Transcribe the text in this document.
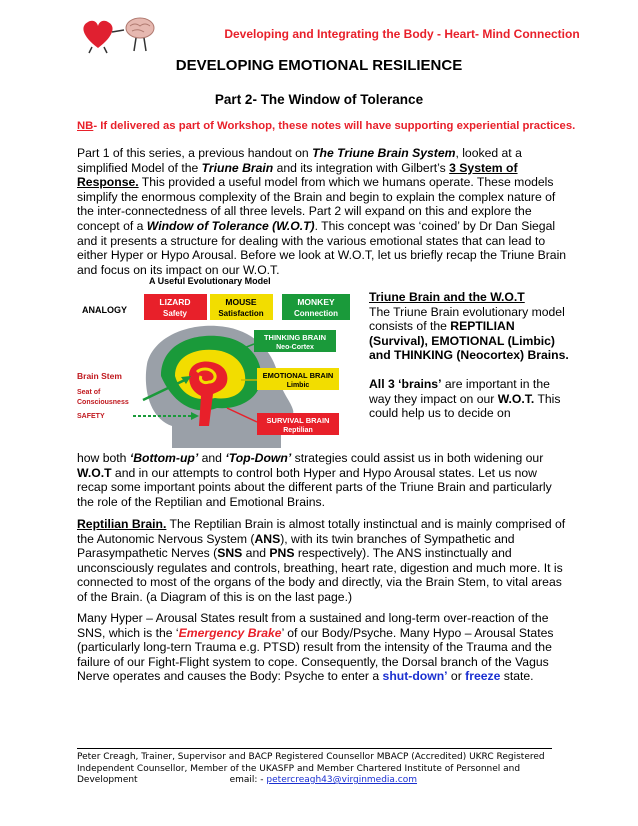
Developing and Integrating the Body - Heart- Mind Connection
DEVELOPING EMOTIONAL RESILIENCE
Part 2- The Window of Tolerance
NB- If delivered as part of Workshop, these notes will have supporting experiential practices.

Part 1 of this series, a previous handout on The Triune Brain System, looked at a simplified Model of the Triune Brain and its integration with Gilbert’s 3 System of Response. This provided a useful model from which we humans operate. These models simplify the enormous complexity of the Brain and begin to explain the complex nature of the inter-connectedness of all three levels. Part 2 will expand on this and explore the concept of a Window of Tolerance (W.O.T). This concept was ‘coined’ by Dr Dan Siegal and it presents a structure for dealing with the various emotional states that can lead to either Hyper or Hypo Arousal. Before we look at W.O.T, let us briefly recap the Triune Brain and focus on its impact on our W.O.T.

A Useful Evolutionary Model
ANALOGY
LIZARD
Safety
MOUSE
Satisfaction
MONKEY
Connection
THINKING BRAIN
Neo-Cortex
EMOTIONAL BRAIN
Limbic
SURVIVAL BRAIN
Reptilian
Brain Stem
Seat of
Consciousness
SAFETY

Triune Brain and the W.O.T
The Triune Brain evolutionary model consists of the REPTILIAN (Survival), EMOTIONAL (Limbic) and THINKING (Neocortex) Brains.

All 3 ‘brains’ are important in the way they impact on our W.O.T. This could help us to decide on

how both ‘Bottom-up’ and ‘Top-Down’ strategies could assist us in both widening our W.O.T and in our attempts to control both Hyper and Hypo Arousal states. Let us now recap some important points about the different parts of the Triune Brain and particularly the role of the Reptilian and Emotional Brains.

Reptilian Brain. The Reptilian Brain is almost totally instinctual and is mainly comprised of the Autonomic Nervous System (ANS), with its twin branches of Sympathetic and Parasympathetic Nerves (SNS and PNS respectively). The ANS instinctually and unconsciously regulates and controls, breathing, heart rate, digestion and much more. It is connected to most of the organs of the body and directly, via the Brain Stem, to vital areas of the Brain. (a Diagram of this is on the last page.)

Many Hyper – Arousal States result from a sustained and long-term over-reaction of the SNS, which is the ‘Emergency Brake’ of our Body/Psyche. Many Hypo – Arousal States (particularly long-tern Trauma e.g. PTSD) result from the intensity of the Trauma and the failure of our Fight-Flight system to cope. Consequently, the Dorsal branch of the Vagus Nerve operates and causes the Body: Psyche to enter a shut-down’ or freeze state.

Peter Creagh, Trainer, Supervisor and BACP Registered Counsellor MBACP (Accredited) UKRC Registered Independent Counsellor, Member of the UKASFP and Member Chartered Institute of Personnel and Development	email: - petercreagh43@virginmedia.com
